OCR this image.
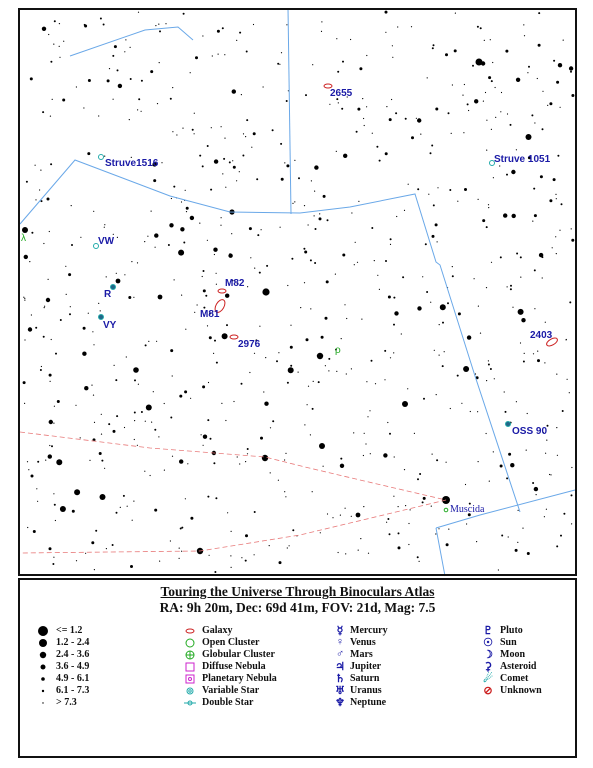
2655
Struve1516	Struve 1051
VW
R
VY
M82
M81
2976
2403
OSS 90
Muscida
ρ
λ
Touring the Universe Through Binoculars Atlas
RA: 9h 20m, Dec: 69d 41m, FOV: 21d, Mag: 7.5
<= 1.2
1.2 - 2.4
2.4 - 3.6
3.6 - 4.9
4.9 - 6.1
6.1 - 7.3
> 7.3
Galaxy
Open Cluster
Globular Cluster
Diffuse Nebula
Planetary Nebula
Variable Star
Double Star
☿
♀
♂
♃
♄
♅
♆
Mercury
Venus
Mars
Jupiter
Saturn
Uranus
Neptune
♇
☉
☽
⚳
☄
⊘
Pluto
Sun
Moon
Asteroid
Comet
Unknown
